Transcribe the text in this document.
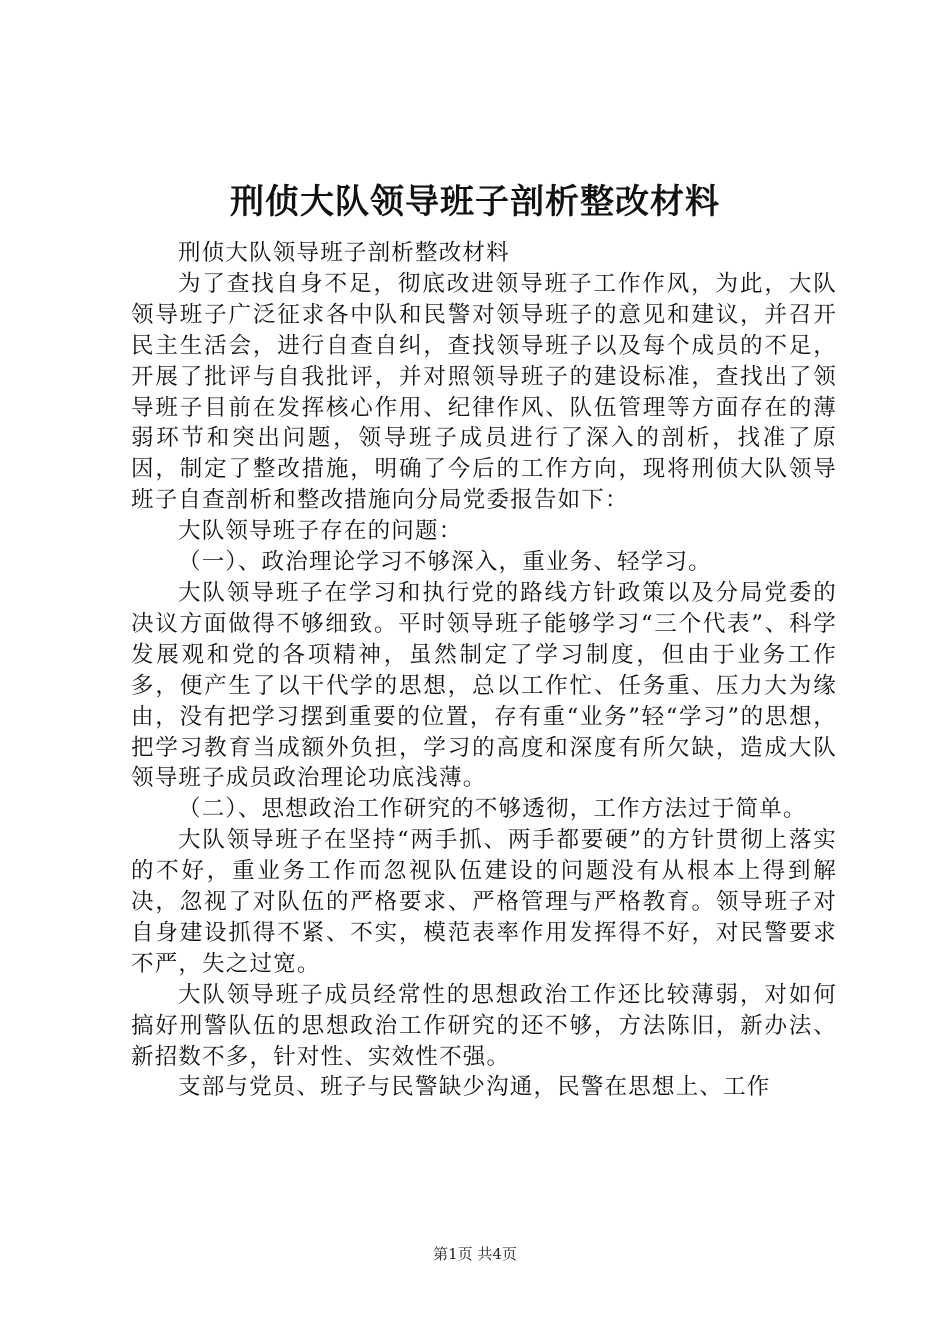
刑侦大队领导班子剖析整改材料

刑侦大队领导班子剖析整改材料

为了查找自身不足，彻底改进领导班子工作作风，为此，大队领导班子广泛征求各中队和民警对领导班子的意见和建议，并召开民主生活会，进行自查自纠，查找领导班子以及每个成员的不足，开展了批评与自我批评，并对照领导班子的建设标准，查找出了领导班子目前在发挥核心作用、纪律作风、队伍管理等方面存在的薄弱环节和突出问题，领导班子成员进行了深入的剖析，找准了原因，制定了整改措施，明确了今后的工作方向，现将刑侦大队领导班子自查剖析和整改措施向分局党委报告如下：

大队领导班子存在的问题：

（一）、政治理论学习不够深入，重业务、轻学习。

大队领导班子在学习和执行党的路线方针政策以及分局党委的决议方面做得不够细致。平时领导班子能够学习“三个代表”、科学发展观和党的各项精神，虽然制定了学习制度，但由于业务工作多，便产生了以干代学的思想，总以工作忙、任务重、压力大为缘由，没有把学习摆到重要的位置，存有重“业务”轻“学习”的思想，把学习教育当成额外负担，学习的高度和深度有所欠缺，造成大队领导班子成员政治理论功底浅薄。

（二）、思想政治工作研究的不够透彻，工作方法过于简单。

大队领导班子在坚持“两手抓、两手都要硬”的方针贯彻上落实的不好，重业务工作而忽视队伍建设的问题没有从根本上得到解决，忽视了对队伍的严格要求、严格管理与严格教育。领导班子对自身建设抓得不紧、不实，模范表率作用发挥得不好，对民警要求不严，失之过宽。

大队领导班子成员经常性的思想政治工作还比较薄弱，对如何搞好刑警队伍的思想政治工作研究的还不够，方法陈旧，新办法、新招数不多，针对性、实效性不强。

支部与党员、班子与民警缺少沟通，民警在思想上、工作

第1页 共4页
